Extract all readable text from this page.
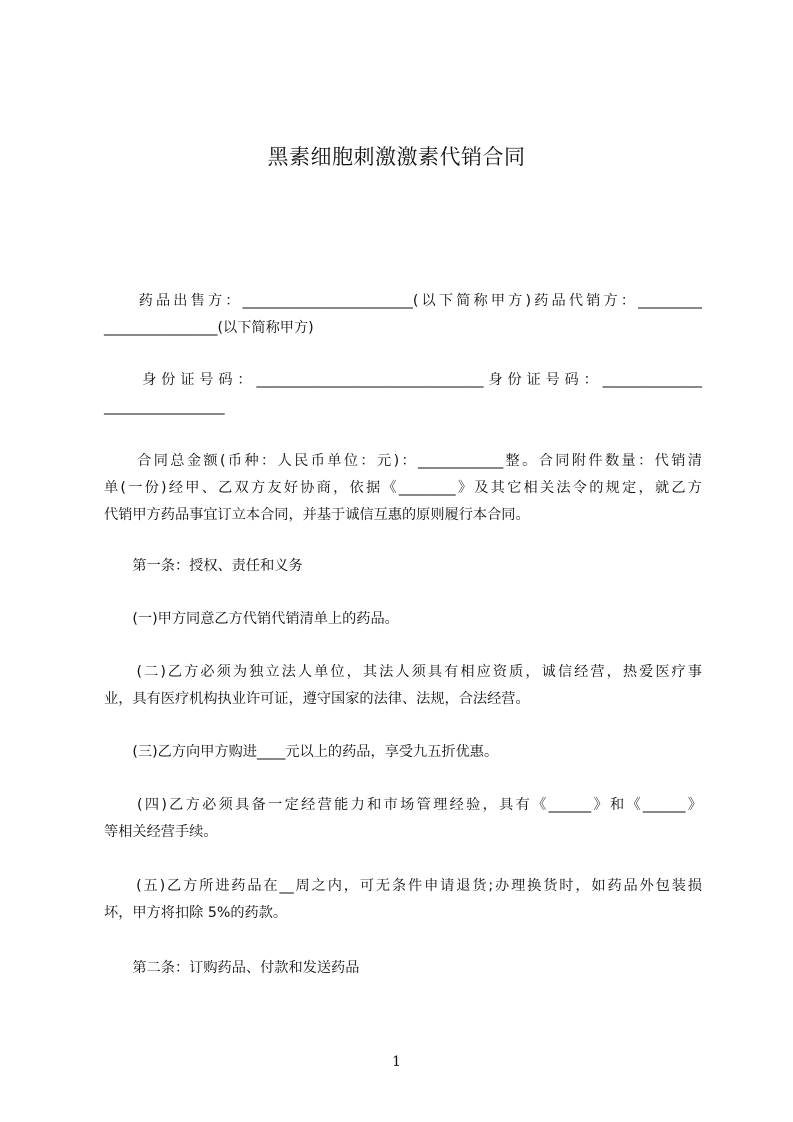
黑素细胞刺激激素代销合同
　　药品出售方：________________________(以下简称甲方)药品代销方：_________
________________(以下简称甲方)
　　身份证号码：________________________________身份证号码：______________
_________________
　　合同总金额(币种：人民币单位：元)：____________整。合同附件数量：代销清
单(一份)经甲、乙双方友好协商，依据《________》及其它相关法令的规定，就乙方
代销甲方药品事宜订立本合同，并基于诚信互惠的原则履行本合同。
　　第一条：授权、责任和义务
　　(一)甲方同意乙方代销代销清单上的药品。
　　(二)乙方必须为独立法人单位，其法人须具有相应资质，诚信经营，热爱医疗事
业，具有医疗机构执业许可证，遵守国家的法律、法规，合法经营。
　　(三)乙方向甲方购进____元以上的药品，享受九五折优惠。
　　(四)乙方必须具备一定经营能力和市场管理经验，具有《______》和《______》
等相关经营手续。
　　(五)乙方所进药品在__周之内，可无条件申请退货;办理换货时，如药品外包装损
坏，甲方将扣除 5%的药款。
　　第二条：订购药品、付款和发送药品
1
